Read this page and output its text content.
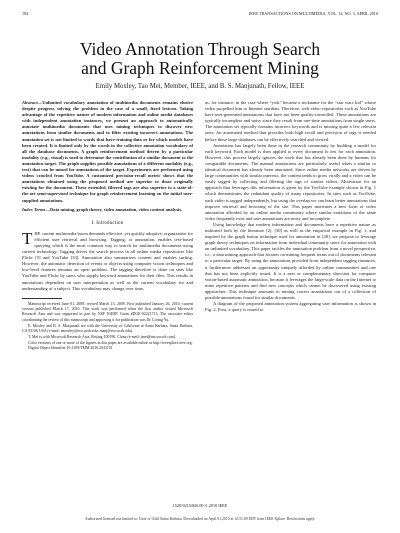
184	IEEE TRANSACTIONS ON MULTIMEDIA, VOL. 12, NO. 3, APRIL 2010
Video Annotation Through Search
and Graph Reinforcement Mining
Emily Moxley, Tao Mei, Member, IEEE, and B. S. Manjunath, Fellow, IEEE

Abstract—Unlimited vocabulary annotation of multimedia documents remains elusive despite progress solving the problem in the case of a small, fixed lexicon. Taking advantage of the repetitive nature of modern information and online media databases with independent annotation instances, we present an approach to automatically annotate multimedia documents that uses mining techniques to discover new annotations from similar documents and to filter existing incorrect annotations. The annotation set is not limited to words that have training data or for which models have been created. It is limited only by the words in the collective annotation vocabulary of all the database documents. A graph reinforcement method driven by a particular modality (e.g., visual) is used to determine the contribution of a similar document to the annotation target. The graph supplies possible annotations of a different modality (e.g., text) that can be mined for annotations of the target. Experiments are performed using videos crawled from YouTube. A customized precision-recall metric shows that the annotations obtained using the proposed method are superior to those originally existing for the document. These extended, filtered tags are also superior to a state-of-the-art semi-supervised technique for graph reinforcement learning on the initial user-supplied annotations.

Index Terms—Data mining, graph theory, video annotation, video content analysis.

I. Introduction

T HE current multimedia boom demands effective, yet quickly adoptive, organization for efficient user retrieval and browsing. Tagging, or annotation, enables text-based querying which is the most common way to search for multimedia documents using current technology. Tagging drives the search process in all online media repositories like Flickr [5] and YouTube [33]. Annotation also summarizes content and enables surfing. However, the automatic detection of events or objects using computer vision techniques and low-level features remains an open problem. The tagging therefore is done on sites like YouTube and Flickr by users who supply keyword annotations for their files. This results in annotations dependent on user interpretation as well as the current vocabulary for and understanding of a subject. This vocabulary may change over time,

Manuscript received June 01, 2008; revised March 13, 2009. First published January 26, 2010; current version published March 17, 2010. This work was performed when the first author visited Microsoft Research Asia and was supported in part by NSF IGERT Grant #DGE-02221713. The associate editor coordinating the review of this manuscript and approving it for publication was Dr. Loring Yu.

E. Moxley and B. S. Manjunath are with the University of California at Santa Barbara, Santa Barbara, CA 93106 USA (e-mail: emoxley@ece.ucsb.edu; manj@ece.ucsb.edu).

T. Mei is with Microsoft Research Asia, Beijing 100190, China (e-mail: tmei@microsoft.com).

Color versions of one or more of the figures in this paper are available online at http://ieeexplore.ieee.org.

Digital Object Identifier 10.1109/TMM.2010.2041101

as, for instance, in the case where “ywk” became a nickname for the “star wars kid” whose video propelled him to Internet stardom. Therefore, web video repositories such as YouTube have user-generated annotations that have not been quality-controlled. These annotations are typically incomplete and noisy since they result from one-time annotations from single users. The annotation set typically contains incorrect keywords and is missing quite a few relevant ones. An automated method that provides both high recall and precision of tags is needed before these large databases can be effectively searched and viewed.

Annotation has largely been done in the research community by building a model for each keyword. Each model is then applied to every document to test for each annotation. However, this process largely ignores the work that has already been done by humans for comparable documents. The manual annotations are particularly useful when a similar or identical document has already been annotated. Since online media networks are driven by large communities with similar interests, the content tends to grow virally and a video can be easily tagged by collecting and filtering the tags of similar videos. Motivation for an approach that leverages this information is given by the YouTube example shown in Fig. 1 which demonstrates the redundant quality of many repositories. In sites such as YouTube, each video is tagged independently, but using the overlap we can learn better annotations that improve retrieval and browsing of the site. This paper motivates a new form of video annotation afforded by an online media community where similar variations of the same video frequently exist and user annotations are noisy and incomplete.

Using knowledge that modern information and documents have a repetitive nature as indicated both by the literature [2], [30] as well as the empirical example in Fig. 1, and inspired by the graph fusion technique used for annotation in [28], we propose to leverage graph theory techniques on information from individual community users for annotation with an unlimited vocabulary. This paper tackles the annotation problem from a novel perspective, i.e., a data mining approach that focuses on mining frequent terms out of documents relevant to a particular target. By using the annotations provided from independent tagging instances, it furthermore addresses an opportunity uniquely afforded by online communities and one that has not been explicitly tested. It is a new or complementary direction for computer vision-based automatic annotation, because it leverages the large-scale data on the Internet to mine repetitive patterns and find new concepts which cannot be discovered using existing approaches. This technique amounts to mining correct annotations out of a collection of possible annotations found for similar documents.

A diagram of the proposed annotation system aggregating user information is shown in Fig. 2. First, a query is issued to

1520-9210/$26.00 © 2010 IEEE
Authorized licensed use limited to: Univ of Calif Santa Barbara. Downloaded on April 01,2010 at 12:51:09 EDT from IEEE Xplore. Restrictions apply.
